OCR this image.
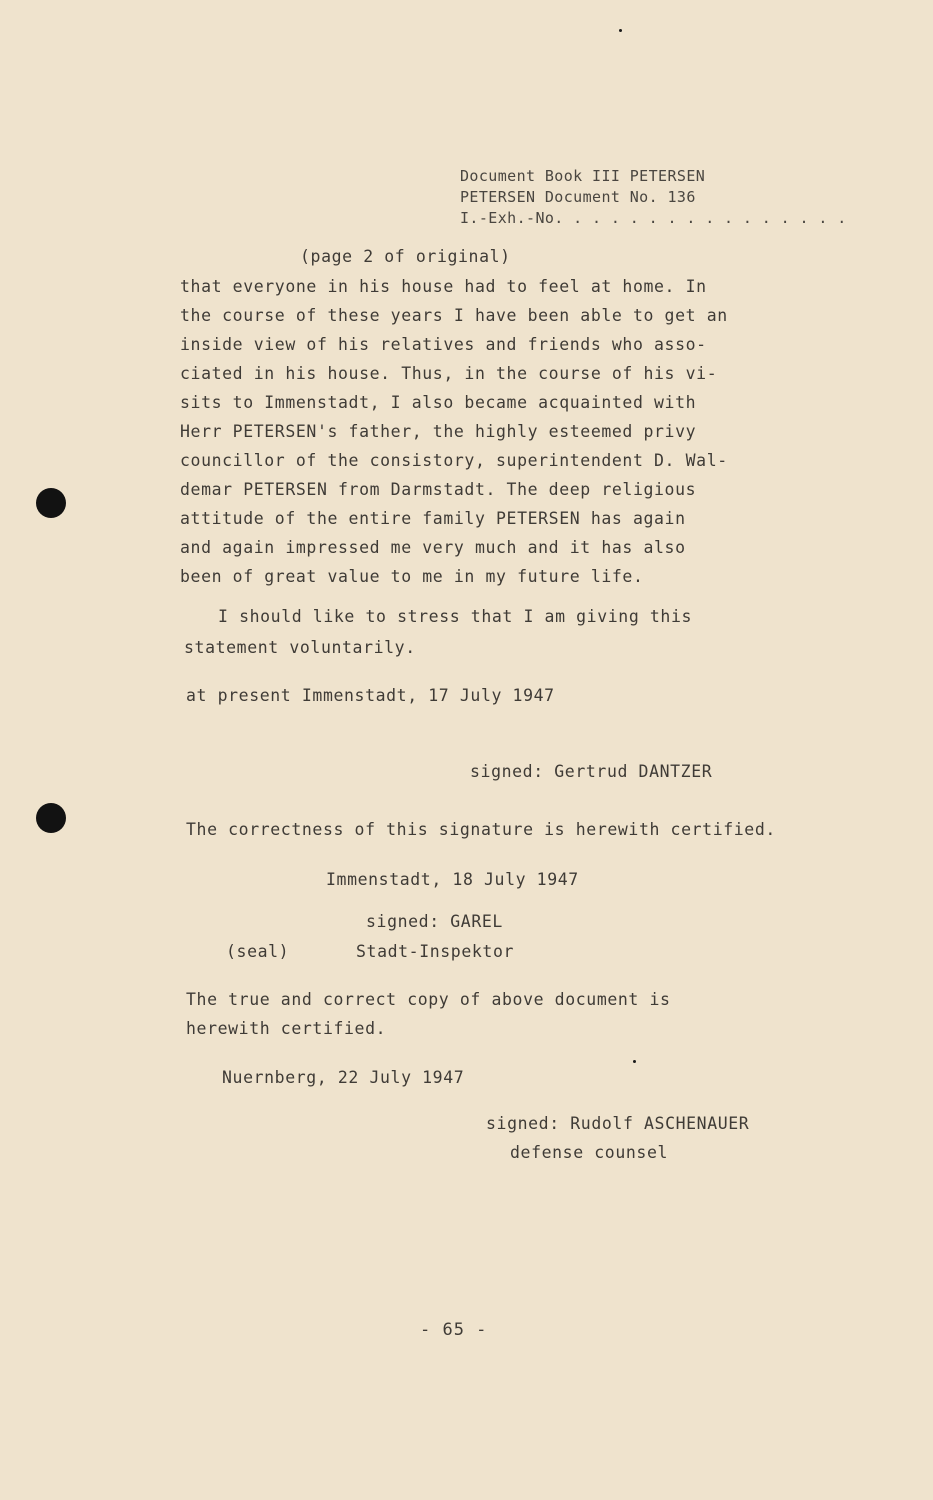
Document Book III PETERSEN
PETERSEN Document No. 136
I.-Exh.-No. . . . . . . . . . . . . . . .
(page 2 of original)
that everyone in his house had to feel at home. In
the course of these years I have been able to get an
inside view of his relatives and friends who asso-
ciated in his house. Thus, in the course of his vi-
sits to Immenstadt, I also became acquainted with
Herr PETERSEN's father, the highly esteemed privy
councillor of the consistory, superintendent D. Wal-
demar PETERSEN from Darmstadt. The deep religious
attitude of the entire family PETERSEN has again
and again impressed me very much and it has also
been of great value to me in my future life.
I should like to stress that I am giving this
statement voluntarily.
at present Immenstadt, 17 July 1947
signed: Gertrud DANTZER
The correctness of this signature is herewith certified.
Immenstadt, 18 July 1947
signed: GAREL
(seal)	Stadt-Inspektor
The true and correct copy of above document is
herewith certified.
Nuernberg, 22 July 1947
signed: Rudolf ASCHENAUER
defense counsel
- 65 -
